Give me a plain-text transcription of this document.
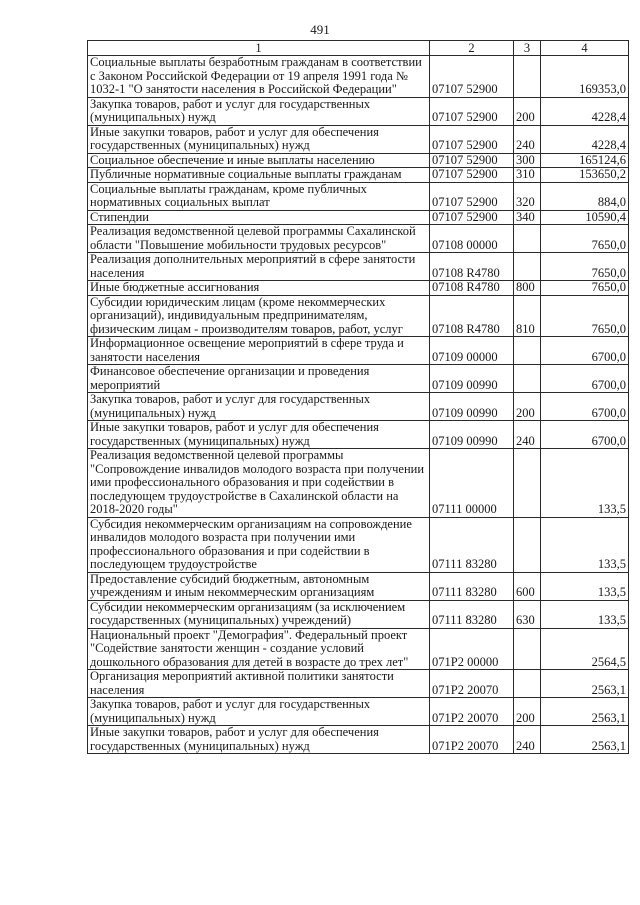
491
1	2	3	4
Социальные выплаты безработным гражданам в соответствии с Законом Российской Федерации от 19 апреля 1991 года № 1032-1 "О занятости населения в Российской Федерации"	07107 52900		169353,0
Закупка товаров, работ и услуг для государственных (муниципальных) нужд	07107 52900	200	4228,4
Иные закупки товаров, работ и услуг для обеспечения государственных (муниципальных) нужд	07107 52900	240	4228,4
Социальное обеспечение и иные выплаты населению	07107 52900	300	165124,6
Публичные нормативные социальные выплаты гражданам	07107 52900	310	153650,2
Социальные выплаты гражданам, кроме публичных нормативных социальных выплат	07107 52900	320	884,0
Стипендии	07107 52900	340	10590,4
Реализация ведомственной целевой программы Сахалинской области "Повышение мобильности трудовых ресурсов"	07108 00000		7650,0
Реализация дополнительных мероприятий в сфере занятости населения	07108 R4780		7650,0
Иные бюджетные ассигнования	07108 R4780	800	7650,0
Субсидии юридическим лицам (кроме некоммерческих организаций), индивидуальным предпринимателям, физическим лицам - производителям товаров, работ, услуг	07108 R4780	810	7650,0
Информационное освещение мероприятий в сфере труда и занятости населения	07109 00000		6700,0
Финансовое обеспечение организации и проведения мероприятий	07109 00990		6700,0
Закупка товаров, работ и услуг для государственных (муниципальных) нужд	07109 00990	200	6700,0
Иные закупки товаров, работ и услуг для обеспечения государственных (муниципальных) нужд	07109 00990	240	6700,0
Реализация ведомственной целевой программы "Сопровождение инвалидов молодого возраста при получении ими профессионального образования и при содействии в последующем трудоустройстве в Сахалинской области на 2018-2020 годы"	07111 00000		133,5
Субсидия некоммерческим организациям на сопровождение инвалидов молодого возраста при получении ими профессионального образования и при содействии в последующем трудоустройстве	07111 83280		133,5
Предоставление субсидий бюджетным, автономным учреждениям и иным некоммерческим организациям	07111 83280	600	133,5
Субсидии некоммерческим организациям (за исключением государственных (муниципальных) учреждений)	07111 83280	630	133,5
Национальный проект "Демография". Федеральный проект "Содействие занятости женщин - создание условий дошкольного образования для детей в возрасте до трех лет"	071P2 00000		2564,5
Организация мероприятий активной политики занятости населения	071P2 20070		2563,1
Закупка товаров, работ и услуг для государственных (муниципальных) нужд	071P2 20070	200	2563,1
Иные закупки товаров, работ и услуг для обеспечения государственных (муниципальных) нужд	071P2 20070	240	2563,1
